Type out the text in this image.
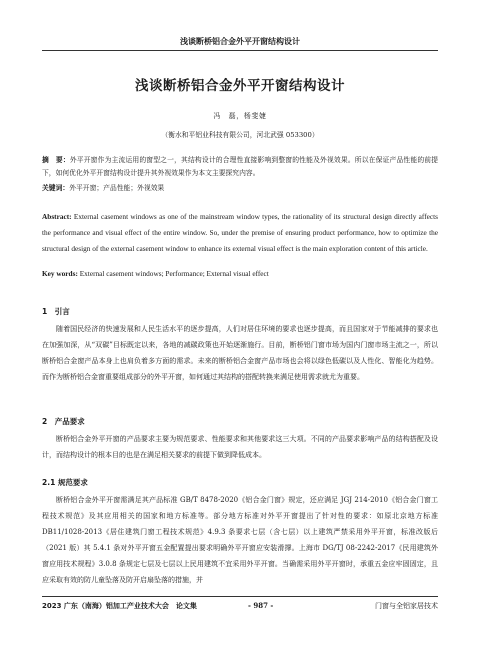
浅谈断桥铝合金外平开窗结构设计
浅谈断桥铝合金外平开窗结构设计
冯　磊，杨斐婕
（衡水和平铝业科技有限公司，河北武强 053300）
摘　要：外平开窗作为主流运用的窗型之一，其结构设计的合理性直接影响到整窗的性能及外视效果。所以在保证产品性能的前提下，如何优化外平开窗结构设计提升其外视效果作为本文主要探究内容。
关键词：外平开窗；产品性能；外视效果
Abstract: External casement windows as one of the mainstream window types, the rationality of its structural design directly affects the performance and visual effect of the entire window. So, under the premise of ensuring product performance, how to optimize the structural design of the external casement window to enhance its external visual effect is the main exploration content of this article.
Key words: External casement windows; Performance; External visual effect
1　引言
随着国民经济的快速发展和人民生活水平的逐步提高，人们对居住环境的要求也逐步提高，而且国家对于节能减排的要求也在加强加深，从“双碳”目标既定以来，各地的减碳政策也开始逐渐施行。目前，断桥铝门窗市场为国内门窗市场主流之一，所以断桥铝合金窗产品本身上也肩负着多方面的需求。未来的断桥铝合金窗产品市场也会将以绿色低碳以及人性化、智能化为趋势。而作为断桥铝合金窗重要组成部分的外平开窗，如何通过其结构的搭配转换来满足使用需求就尤为重要。
2　产品要求
断桥铝合金外平开窗的产品要求主要为规范要求、性能要求和其他要求这三大项。不同的产品要求影响产品的结构搭配及设计，而结构设计的根本目的也是在满足相关要求的前提下做到降低成本。
2.1 规范要求
断桥铝合金外平开窗需满足其产品标准 GB/T 8478-2020《铝合金门窗》规定，还应满足 JGJ 214-2010《铝合金门窗工程技术规范》及其应用相关的国家和地方标准等。部分地方标准对外平开窗提出了针对性的要求：如原北京地方标准 DB11/1028-2013《居住建筑门窗工程技术规范》4.9.3 条要求七层（含七层）以上建筑严禁采用外平开窗，标准改版后（2021 版）其 5.4.1 条对外平开窗五金配置提出要求明确外平开窗应安装滑撑。上海市 DG/TJ 08-2242-2017《民用建筑外窗应用技术规程》3.0.8 条规定七层及七层以上民用建筑不宜采用外平开窗。当确需采用外平开窗时，承重五金应牢固固定，且应采取有效的防儿童坠落及防开启扇坠落的措施，并
2023 广东（南海）铝加工产业技术大会　论文集	- 987 -	门窗与全铝家居技术
